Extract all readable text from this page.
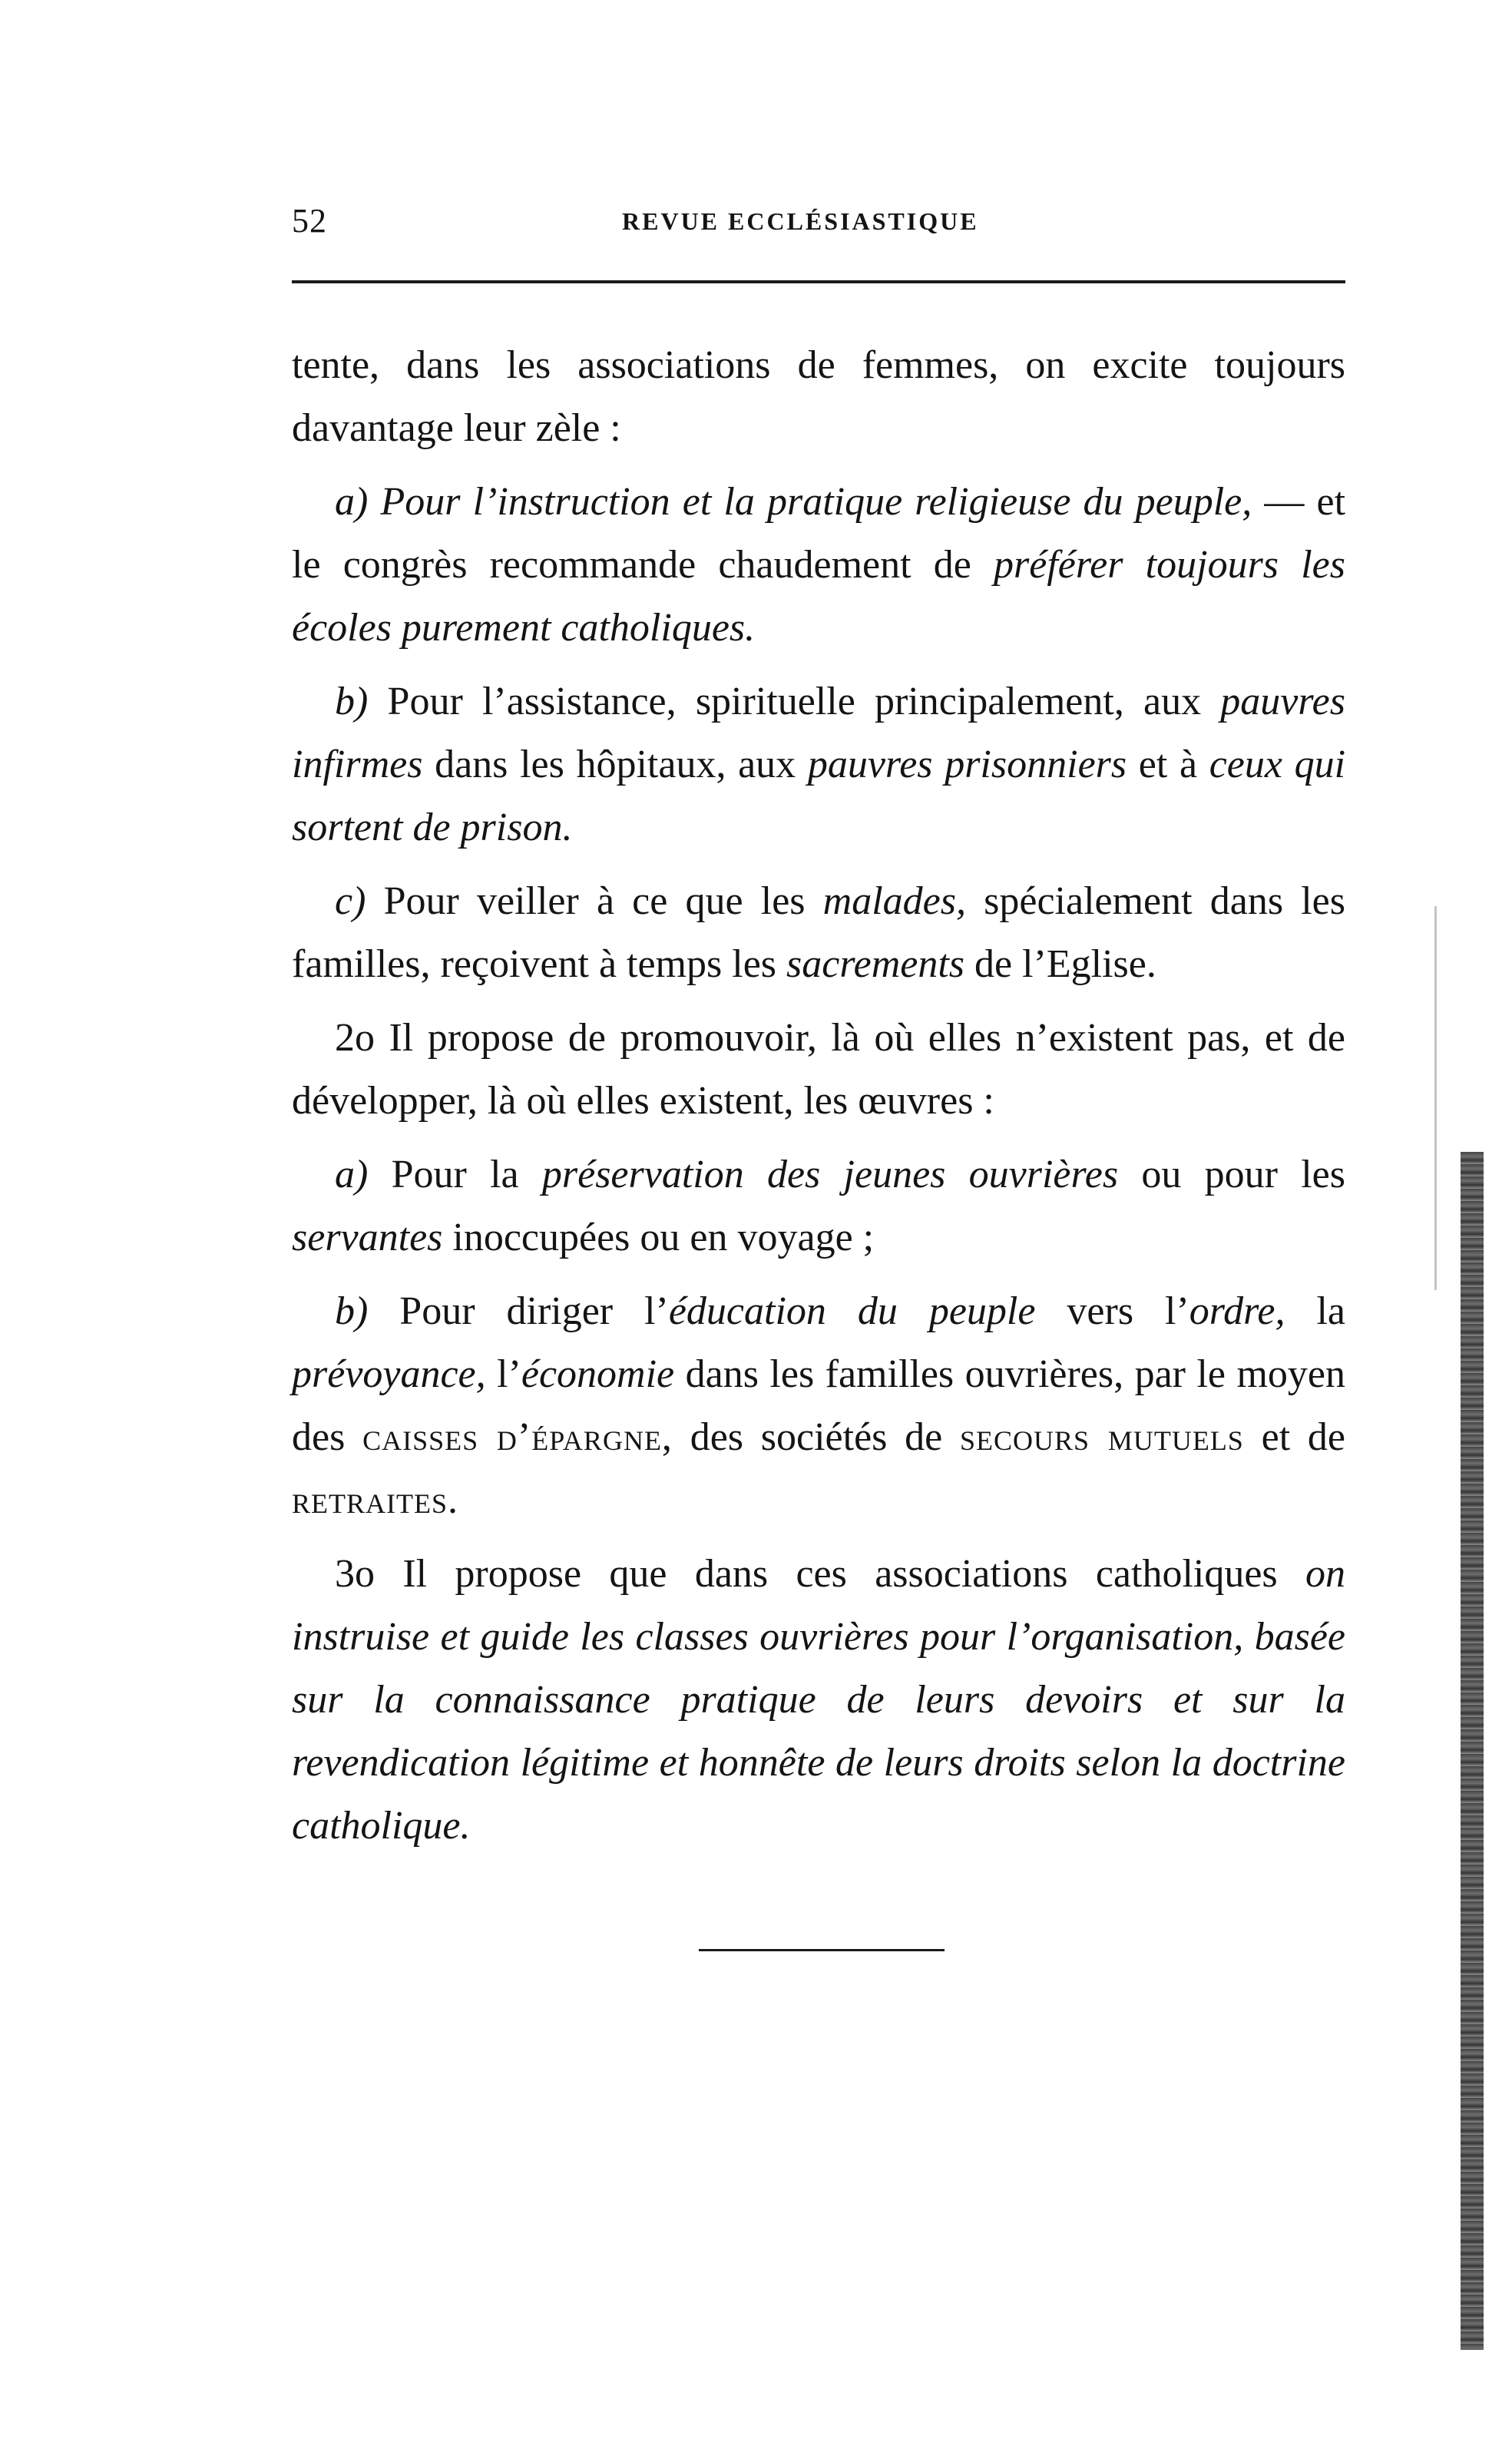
52	REVUE ECCLÉSIASTIQUE

tente, dans les associations de femmes, on excite toujours davantage leur zèle :

a) Pour l’instruction et la pratique religieuse du peuple, — et le congrès recommande chaudement de préférer toujours les écoles purement catholiques.

b) Pour l’assistance, spirituelle principalement, aux pauvres infirmes dans les hôpitaux, aux pauvres prisonniers et à ceux qui sortent de prison.

c) Pour veiller à ce que les malades, spécialement dans les familles, reçoivent à temps les sacrements de l’Eglise.

2o Il propose de promouvoir, là où elles n’existent pas, et de développer, là où elles existent, les œuvres :

a) Pour la préservation des jeunes ouvrières ou pour les servantes inoccupées ou en voyage ;

b) Pour diriger l’éducation du peuple vers l’ordre, la prévoyance, l’économie dans les familles ouvrières, par le moyen des caisses d’épargne, des sociétés de secours mutuels et de retraites.

3o Il propose que dans ces associations catholiques on instruise et guide les classes ouvrières pour l’organisation, basée sur la connaissance pratique de leurs devoirs et sur la revendication légitime et honnête de leurs droits selon la doctrine catholique.
